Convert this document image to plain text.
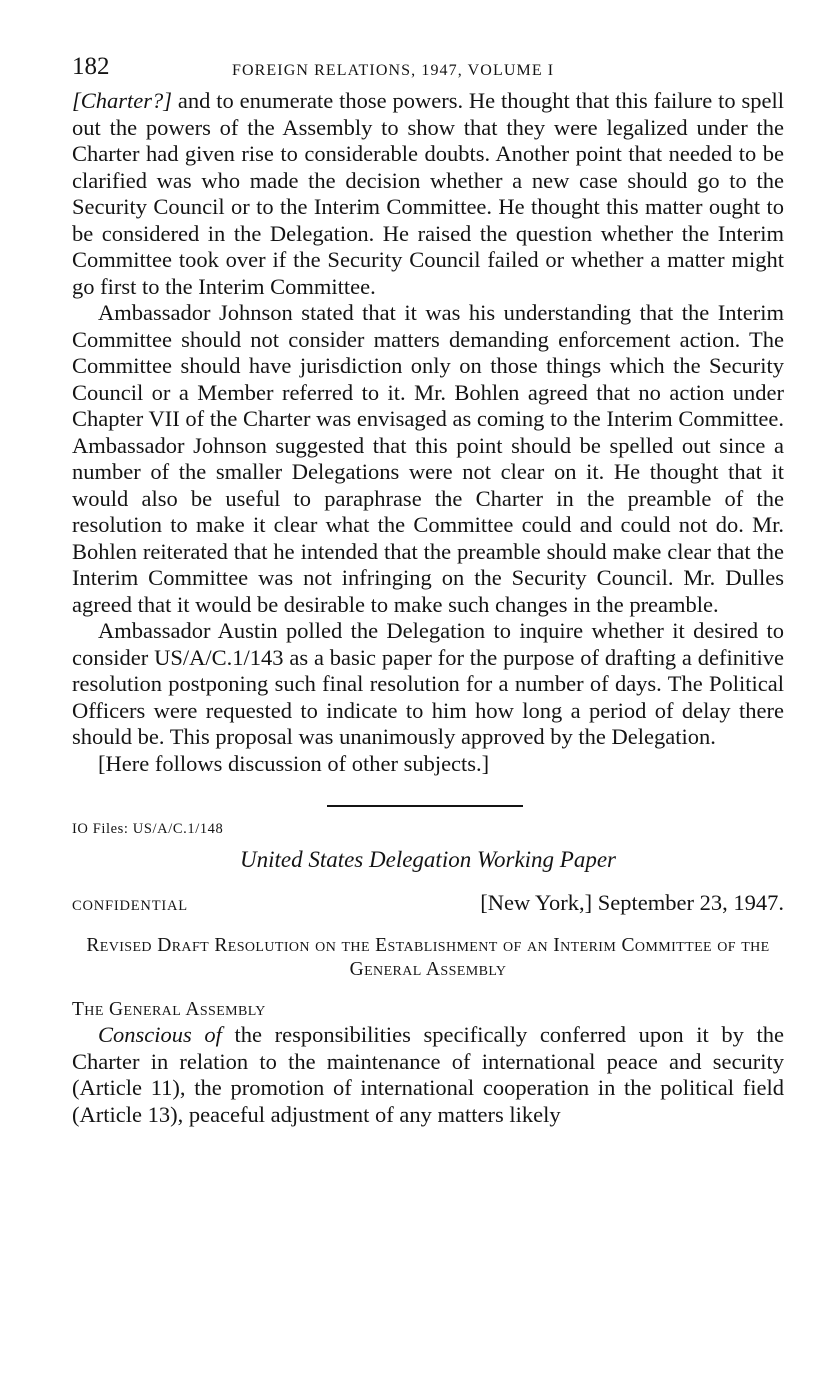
182	FOREIGN RELATIONS, 1947, VOLUME I

[Charter?] and to enumerate those powers. He thought that this failure to spell out the powers of the Assembly to show that they were legalized under the Charter had given rise to considerable doubts. Another point that needed to be clarified was who made the decision whether a new case should go to the Security Council or to the Interim Committee. He thought this matter ought to be considered in the Delegation. He raised the question whether the Interim Committee took over if the Security Council failed or whether a matter might go first to the Interim Committee.

Ambassador Johnson stated that it was his understanding that the Interim Committee should not consider matters demanding enforcement action. The Committee should have jurisdiction only on those things which the Security Council or a Member referred to it. Mr. Bohlen agreed that no action under Chapter VII of the Charter was envisaged as coming to the Interim Committee. Ambassador Johnson suggested that this point should be spelled out since a number of the smaller Delegations were not clear on it. He thought that it would also be useful to paraphrase the Charter in the preamble of the resolution to make it clear what the Committee could and could not do. Mr. Bohlen reiterated that he intended that the preamble should make clear that the Interim Committee was not infringing on the Security Council. Mr. Dulles agreed that it would be desirable to make such changes in the preamble.

Ambassador Austin polled the Delegation to inquire whether it desired to consider US/A/C.1/143 as a basic paper for the purpose of drafting a definitive resolution postponing such final resolution for a number of days. The Political Officers were requested to indicate to him how long a period of delay there should be. This proposal was unanimously approved by the Delegation.

[Here follows discussion of other subjects.]

IO Files: US/A/C.1/148
United States Delegation Working Paper
CONFIDENTIAL	[New York,] September 23, 1947.
Revised Draft Resolution on the Establishment of an Interim Committee of the General Assembly
The General Assembly

Conscious of the responsibilities specifically conferred upon it by the Charter in relation to the maintenance of international peace and security (Article 11), the promotion of international cooperation in the political field (Article 13), peaceful adjustment of any matters likely
